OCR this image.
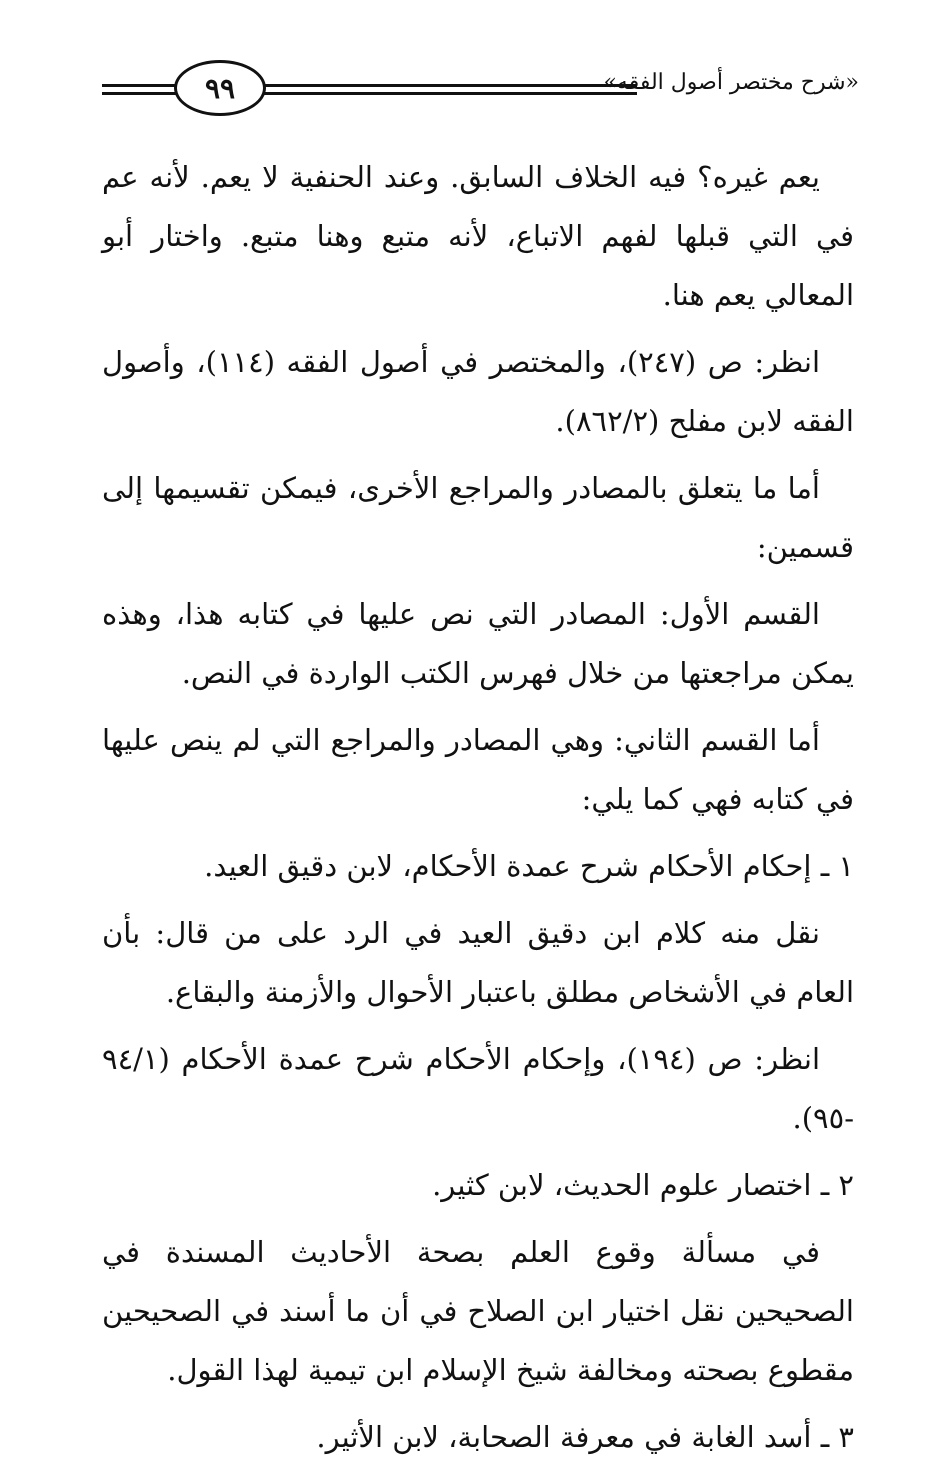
٩٩	«شرح مختصر أصول الفقه»

يعم غيره؟ فيه الخلاف السابق. وعند الحنفية لا يعم. لأنه عم في التي قبلها لفهم الاتباع، لأنه متبع وهنا متبع. واختار أبو المعالي يعم هنا.

انظر: ص (٢٤٧)، والمختصر في أصول الفقه (١١٤)، وأصول الفقه لابن مفلح (٨٦٢/٢).

أما ما يتعلق بالمصادر والمراجع الأخرى، فيمكن تقسيمها إلى قسمين:

القسم الأول: المصادر التي نص عليها في كتابه هذا، وهذه يمكن مراجعتها من خلال فهرس الكتب الواردة في النص.

أما القسم الثاني: وهي المصادر والمراجع التي لم ينص عليها في كتابه فهي كما يلي:

١ ـ إحكام الأحكام شرح عمدة الأحكام، لابن دقيق العيد.

نقل منه كلام ابن دقيق العيد في الرد على من قال: بأن العام في الأشخاص مطلق باعتبار الأحوال والأزمنة والبقاع.

انظر: ص (١٩٤)، وإحكام الأحكام شرح عمدة الأحكام (٩٤/١ -٩٥).

٢ ـ اختصار علوم الحديث، لابن كثير.

في مسألة وقوع العلم بصحة الأحاديث المسندة في الصحيحين نقل اختيار ابن الصلاح في أن ما أسند في الصحيحين مقطوع بصحته ومخالفة شيخ الإسلام ابن تيمية لهذا القول.

٣ ـ أسد الغابة في معرفة الصحابة، لابن الأثير.
